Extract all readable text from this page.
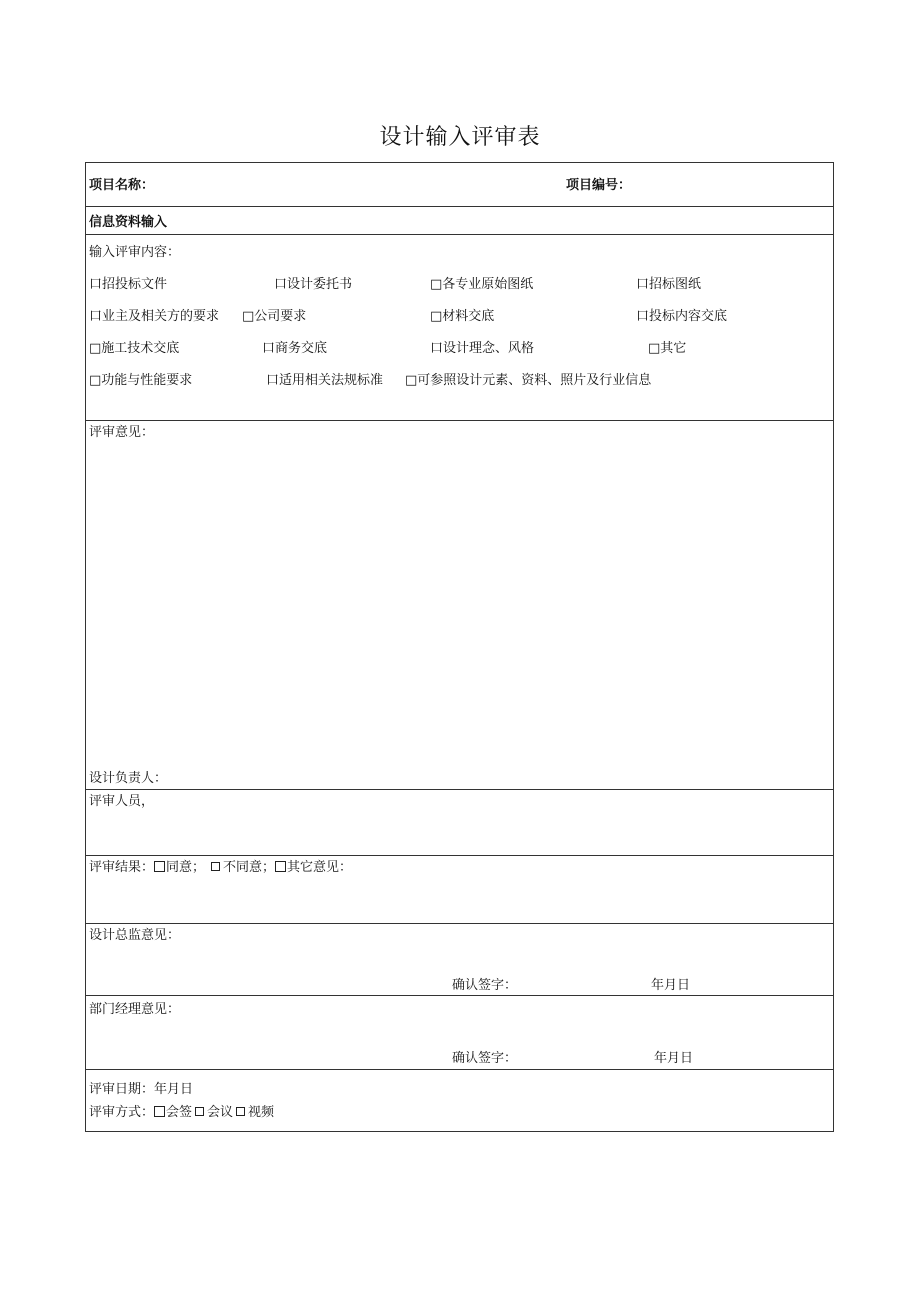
设计输入评审表
项目名称：	项目编号：
信息资料输入
输入评审内容：
口招投标文件	口设计委托书	□各专业原始图纸	口招标图纸
口业主及相关方的要求 □公司要求	□材料交底	口投标内容交底
□施工技术交底	口商务交底	口设计理念、风格	□其它
□功能与性能要求	口适用相关法规标准 □可参照设计元素、资料、照片及行业信息
评审意见：
设计负责人：
评审人员，
评审结果： 同意； 不同意； 其它意见：
设计总监意见：
确认签字：	年月日
部门经理意见：
确认签字：	年月日
评审日期：年月日
评审方式： 会签 会议 视频
